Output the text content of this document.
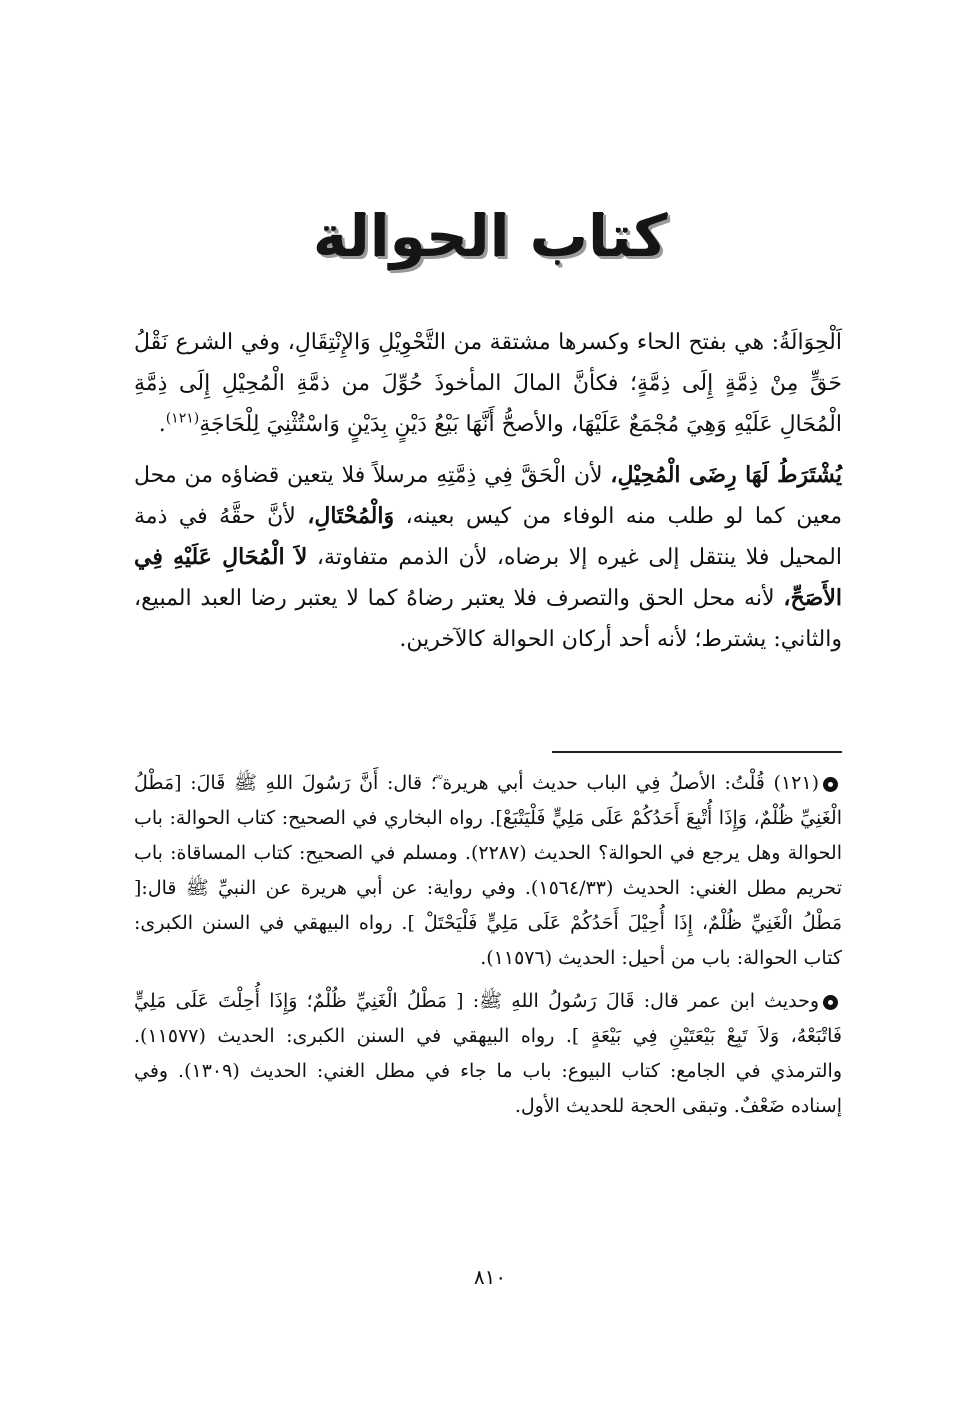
كتاب الحوالة

اَلْحِوَالَةُ: هي بفتح الحاء وكسرها مشتقة من التَّحْوِيْلِ وَالإِنْتِقَالِ، وفي الشرع نَقْلُ حَقٍّ مِنْ ذِمَّةٍ إِلَى ذِمَّةٍ؛ فكأنَّ المالَ المأخوذَ حُوِّلَ من ذمَّةِ الْمُحِيْلِ إِلَى ذِمَّةِ الْمُحَالِ عَلَيْهِ وَهِيَ مُجْمَعٌ عَلَيْهَا، والأصحُّ أَنَّهَا بَيْعُ دَيْنٍ بِدَيْنٍ وَاسْتُثْنِيَ لِلْحَاجَةِ$^{(١٢١)}$.

يُشْتَرَطُ لَهَا رِضَى الْمُحِيْلِ، لأن الْحَقَّ فِي ذِمَّتِهِ مرسلاً فلا يتعين قضاؤه من محل معين كما لو طلب منه الوفاء من كيس بعينه، وَالْمُحْتَالِ، لأنَّ حقَّهُ في ذمة المحيل فلا ينتقل إلى غيره إلا برضاه، لأن الذمم متفاوتة، لاَ الْمُحَالِ عَلَيْهِ فِي الأَصَحِّ، لأنه محل الحق والتصرف فلا يعتبر رضاهُ كما لا يعتبر رضا العبد المبيع، والثاني: يشترط؛ لأنه أحد أركان الحوالة كالآخرين.

(١٢١) قُلْتُ: الأصلُ فِي الباب حديث أبي هريرة ؓ؛ قال: أَنَّ رَسُولَ اللهِ ﷺ قَالَ: [مَطْلُ الْغَنِيِّ ظُلْمٌ، وَإِذَا أُتْبِعَ أَحَدُكُمْ عَلَى مَلِيٍّ فَلْيَتْبَعْ]. رواه البخاري في الصحيح: كتاب الحوالة: باب الحوالة وهل يرجع في الحوالة؟ الحديث (٢٢٨٧). ومسلم في الصحيح: كتاب المساقاة: باب تحريم مطل الغني: الحديث (١٥٦٤/٣٣). وفي رواية: عن أبي هريرة عن النبيِّ ﷺ قال:[ مَطْلُ الْغَنِيِّ ظُلْمٌ، إِذَا أُحِيْلَ أَحَدُكُمْ عَلَى مَلِيٍّ فَلْيَحْتَلْ ]. رواه البيهقي في السنن الكبرى: كتاب الحوالة: باب من أحيل: الحديث (١١٥٧٦).

وحديث ابن عمر قال: قَالَ رَسُولُ اللهِ ﷺ: [ مَطْلُ الْغَنِيِّ ظُلْمٌ؛ وَإِذَا أُحِلْتَ عَلَى مَلِيٍّ فَاتْبَعْهُ، وَلاَ تَبِعْ بَيْعَتَيْنِ فِي بَيْعَةٍ ]. رواه البيهقي في السنن الكبرى: الحديث (١١٥٧٧). والترمذي في الجامع: كتاب البيوع: باب ما جاء في مطل الغني: الحديث (١٣٠٩). وفي إسناده ضَعْفٌ. وتبقى الحجة للحديث الأول.

٨١٠
